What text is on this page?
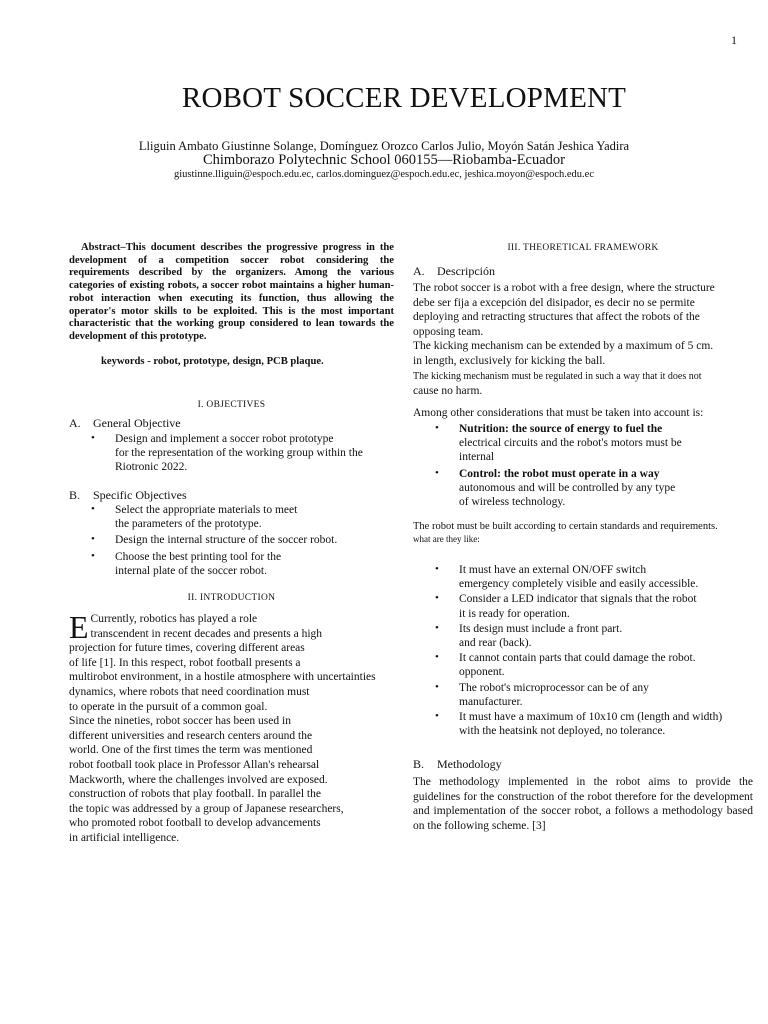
1
ROBOT SOCCER DEVELOPMENT
Lliguin Ambato Giustinne Solange, Domínguez Orozco Carlos Julio, Moyón Satán Jeshica Yadira
Chimborazo Polytechnic School 060155—Riobamba-Ecuador
giustinne.lliguin@espoch.edu.ec, carlos.dominguez@espoch.edu.ec, jeshica.moyon@espoch.edu.ec

Abstract–This document describes the progressive progress in the development of a competition soccer robot considering the requirements described by the organizers. Among the various categories of existing robots, a soccer robot maintains a higher human-robot interaction when executing its function, thus allowing the operator's motor skills to be exploited. This is the most important characteristic that the working group considered to lean towards the development of this prototype.

keywords - robot, prototype, design, PCB plaque.
I. OBJECTIVES
A. General Objective
• Design and implement a soccer robot prototype
for the representation of the working group within the
Riotronic 2022.
B. Specific Objectives
• Select the appropriate materials to meet
the parameters of the prototype.
• Design the internal structure of the soccer robot.
• Choose the best printing tool for the
internal plate of the soccer robot.
II. INTRODUCTION
E Currently, robotics has played a role
transcendent in recent decades and presents a high
projection for future times, covering different areas
of life [1]. In this respect, robot football presents a
multirobot environment, in a hostile atmosphere with uncertainties
dynamics, where robots that need coordination must
to operate in the pursuit of a common goal.
Since the nineties, robot soccer has been used in
different universities and research centers around the
world. One of the first times the term was mentioned
robot football took place in Professor Allan's rehearsal
Mackworth, where the challenges involved are exposed.
construction of robots that play football. In parallel the
the topic was addressed by a group of Japanese researchers,
who promoted robot football to develop advancements
in artificial intelligence.
III. THEORETICAL FRAMEWORK
A. Descripción
The robot soccer is a robot with a free design, where the structure
debe ser fija a excepción del disipador, es decir no se permite
deploying and retracting structures that affect the robots of the
opposing team.
The kicking mechanism can be extended by a maximum of 5 cm.
in length, exclusively for kicking the ball.
The kicking mechanism must be regulated in such a way that it does not
cause no harm.
Among other considerations that must be taken into account is:
• Nutrition: the source of energy to fuel the
electrical circuits and the robot's motors must be
internal
• Control: the robot must operate in a way
autonomous and will be controlled by any type
of wireless technology.
The robot must be built according to certain standards and requirements.
what are they like:
• It must have an external ON/OFF switch
emergency completely visible and easily accessible.
• Consider a LED indicator that signals that the robot
it is ready for operation.
• Its design must include a front part.
and rear (back).
• It cannot contain parts that could damage the robot.
opponent.
• The robot's microprocessor can be of any
manufacturer.
• It must have a maximum of 10x10 cm (length and width)
with the heatsink not deployed, no tolerance.
B. Methodology
The methodology implemented in the robot aims to provide the guidelines for the construction of the robot therefore for the development and implementation of the soccer robot, a follows a methodology based on the following scheme. [3]
